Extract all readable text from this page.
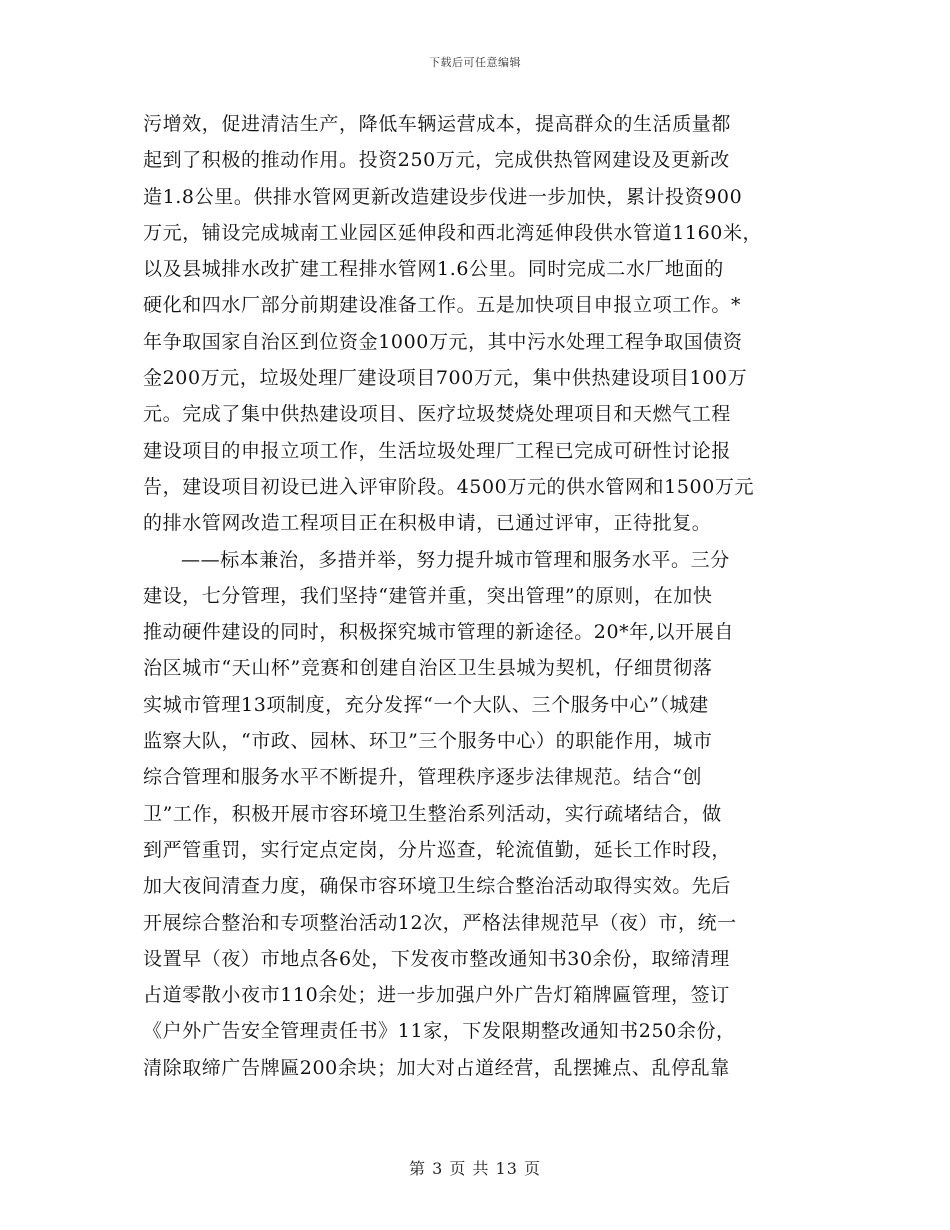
下载后可任意编辑
污增效，促进清洁生产，降低车辆运营成本，提高群众的生活质量都
起到了积极的推动作用。投资250万元，完成供热管网建设及更新改
造1.8公里。供排水管网更新改造建设步伐进一步加快，累计投资900
万元，铺设完成城南工业园区延伸段和西北湾延伸段供水管道1160米，
以及县城排水改扩建工程排水管网1.6公里。同时完成二水厂地面的
硬化和四水厂部分前期建设准备工作。五是加快项目申报立项工作。*
年争取国家自治区到位资金1000万元，其中污水处理工程争取国债资
金200万元，垃圾处理厂建设项目700万元，集中供热建设项目100万
元。完成了集中供热建设项目、医疗垃圾焚烧处理项目和天燃气工程
建设项目的申报立项工作，生活垃圾处理厂工程已完成可研性讨论报
告，建设项目初设已进入评审阶段。4500万元的供水管网和1500万元
的排水管网改造工程项目正在积极申请，已通过评审，正待批复。
——标本兼治，多措并举，努力提升城市管理和服务水平。三分
建设，七分管理，我们坚持“建管并重，突出管理”的原则，在加快
推动硬件建设的同时，积极探究城市管理的新途径。20*年,以开展自
治区城市“天山杯”竞赛和创建自治区卫生县城为契机，仔细贯彻落
实城市管理13项制度，充分发挥“一个大队、三个服务中心”（城建
监察大队，“市政、园林、环卫”三个服务中心）的职能作用，城市
综合管理和服务水平不断提升，管理秩序逐步法律规范。结合“创
卫”工作，积极开展市容环境卫生整治系列活动，实行疏堵结合，做
到严管重罚，实行定点定岗，分片巡查，轮流值勤，延长工作时段，
加大夜间清查力度，确保市容环境卫生综合整治活动取得实效。先后
开展综合整治和专项整治活动12次，严格法律规范早（夜）市，统一
设置早（夜）市地点各6处，下发夜市整改通知书30余份，取缔清理
占道零散小夜市110余处；进一步加强户外广告灯箱牌匾管理，签订
《户外广告安全管理责任书》11家，下发限期整改通知书250余份，
清除取缔广告牌匾200余块；加大对占道经营，乱摆摊点、乱停乱靠
第 3 页 共 13 页
